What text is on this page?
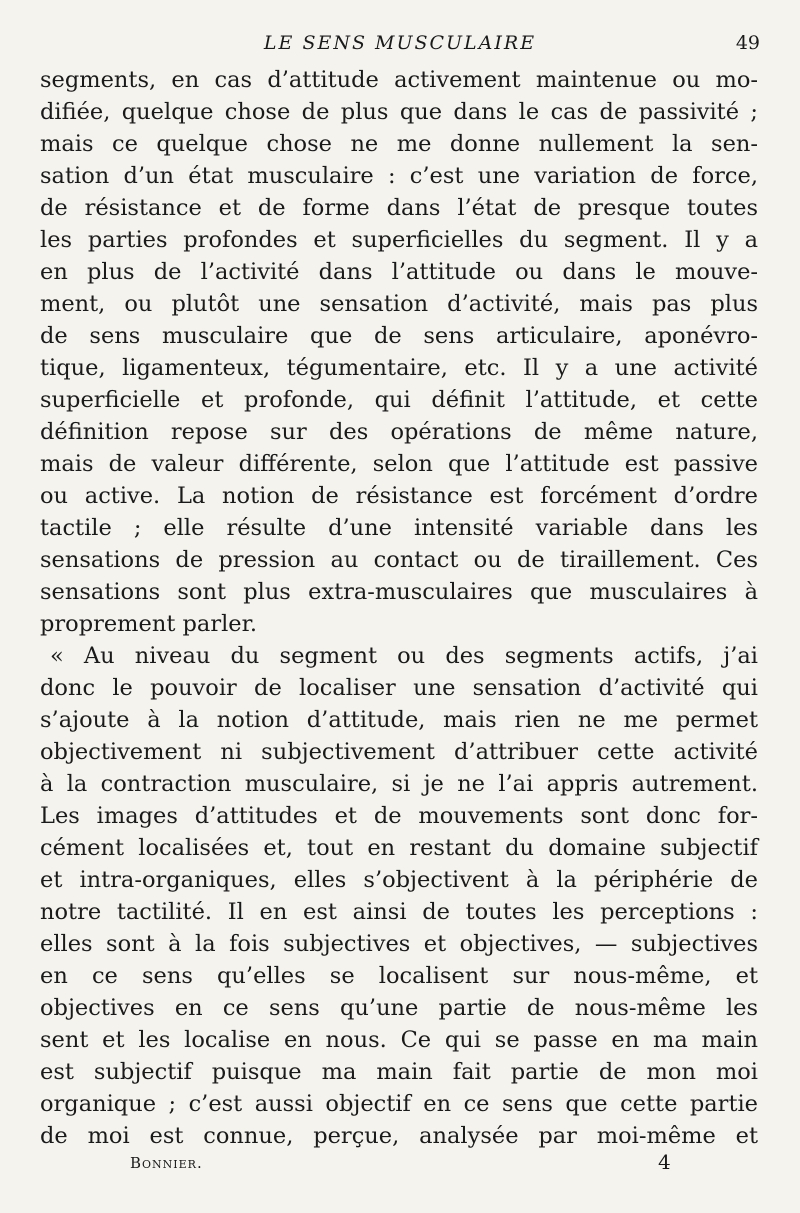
LE SENS MUSCULAIRE	49
segments, en cas d’attitude activement maintenue ou mo-
difiée, quelque chose de plus que dans le cas de passivité ;
mais ce quelque chose ne me donne nullement la sen-
sation d’un état musculaire : c’est une variation de force,
de résistance et de forme dans l’état de presque toutes
les parties profondes et superficielles du segment. Il y a
en plus de l’activité dans l’attitude ou dans le mouve-
ment, ou plutôt une sensation d’activité, mais pas plus
de sens musculaire que de sens articulaire, aponévro-
tique, ligamenteux, tégumentaire, etc. Il y a une activité
superficielle et profonde, qui définit l’attitude, et cette
définition repose sur des opérations de même nature,
mais de valeur différente, selon que l’attitude est passive
ou active. La notion de résistance est forcément d’ordre
tactile ; elle résulte d’une intensité variable dans les
sensations de pression au contact ou de tiraillement. Ces
sensations sont plus extra-musculaires que musculaires à
proprement parler.
« Au niveau du segment ou des segments actifs, j’ai
donc le pouvoir de localiser une sensation d’activité qui
s’ajoute à la notion d’attitude, mais rien ne me permet
objectivement ni subjectivement d’attribuer cette activité
à la contraction musculaire, si je ne l’ai appris autrement.
Les images d’attitudes et de mouvements sont donc for-
cément localisées et, tout en restant du domaine subjectif
et intra-organiques, elles s’objectivent à la périphérie de
notre tactilité. Il en est ainsi de toutes les perceptions :
elles sont à la fois subjectives et objectives, — subjectives
en ce sens qu’elles se localisent sur nous-même, et
objectives en ce sens qu’une partie de nous-même les
sent et les localise en nous. Ce qui se passe en ma main
est subjectif puisque ma main fait partie de mon moi
organique ; c’est aussi objectif en ce sens que cette partie
de moi est connue, perçue, analysée par moi-même et
Bonnier.	4
